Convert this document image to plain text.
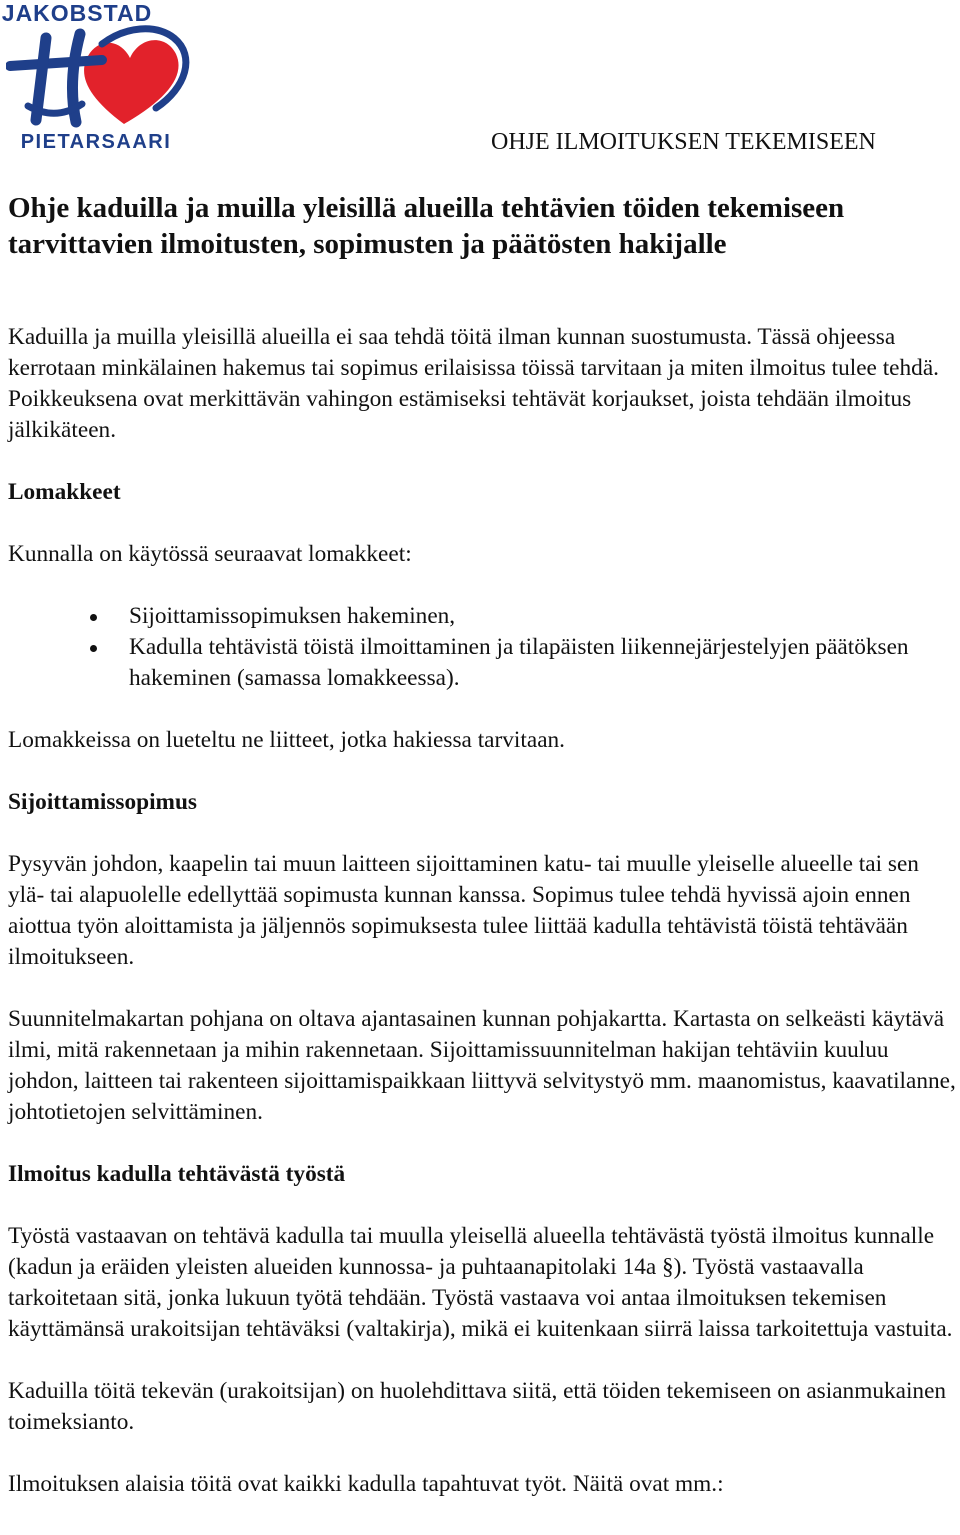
JAKOBSTAD
PIETARSAARI	OHJE ILMOITUKSEN TEKEMISEEN
Ohje kaduilla ja muilla yleisillä alueilla tehtävien töiden tekemiseen tarvittavien ilmoitusten, sopimusten ja päätösten hakijalle

Kaduilla ja muilla yleisillä alueilla ei saa tehdä töitä ilman kunnan suostumusta. Tässä ohjeessa kerrotaan minkälainen hakemus tai sopimus erilaisissa töissä tarvitaan ja miten ilmoitus tulee tehdä. Poikkeuksena ovat merkittävän vahingon estämiseksi tehtävät korjaukset, joista tehdään ilmoitus jälkikäteen.

Lomakkeet

Kunnalla on käytössä seuraavat lomakkeet:

Sijoittamissopimuksen hakeminen,
Kadulla tehtävistä töistä ilmoittaminen ja tilapäisten liikennejärjestelyjen päätöksen hakeminen (samassa lomakkeessa).

Lomakkeissa on lueteltu ne liitteet, jotka hakiessa tarvitaan.

Sijoittamissopimus

Pysyvän johdon, kaapelin tai muun laitteen sijoittaminen katu- tai muulle yleiselle alueelle tai sen ylä- tai alapuolelle edellyttää sopimusta kunnan kanssa. Sopimus tulee tehdä hyvissä ajoin ennen aiottua työn aloittamista ja jäljennös sopimuksesta tulee liittää kadulla tehtävistä töistä tehtävään ilmoitukseen.

Suunnitelmakartan pohjana on oltava ajantasainen kunnan pohjakartta. Kartasta on selkeästi käytävä ilmi, mitä rakennetaan ja mihin rakennetaan. Sijoittamissuunnitelman hakijan tehtäviin kuuluu johdon, laitteen tai rakenteen sijoittamispaikkaan liittyvä selvitystyö mm. maanomistus, kaavatilanne, johtotietojen selvittäminen.

Ilmoitus kadulla tehtävästä työstä

Työstä vastaavan on tehtävä kadulla tai muulla yleisellä alueella tehtävästä työstä ilmoitus kunnalle (kadun ja eräiden yleisten alueiden kunnossa- ja puhtaanapitolaki 14a §). Työstä vastaavalla tarkoitetaan sitä, jonka lukuun työtä tehdään. Työstä vastaava voi antaa ilmoituksen tekemisen käyttämänsä urakoitsijan tehtäväksi (valtakirja), mikä ei kuitenkaan siirrä laissa tarkoitettuja vastuita.

Kaduilla töitä tekevän (urakoitsijan) on huolehdittava siitä, että töiden tekemiseen on asianmukainen toimeksianto.

Ilmoituksen alaisia töitä ovat kaikki kadulla tapahtuvat työt. Näitä ovat mm.:
